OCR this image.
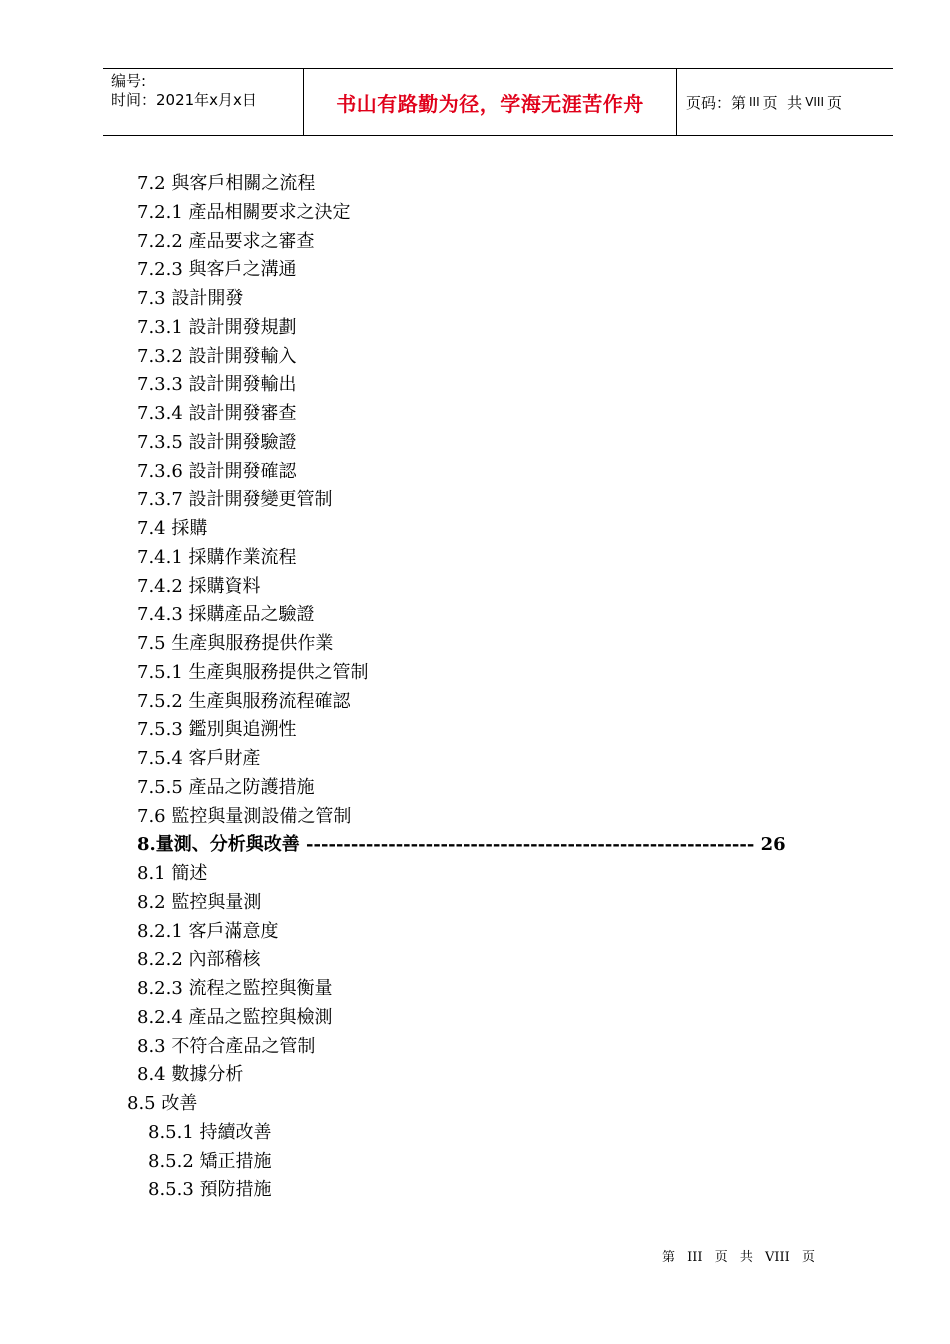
编号:
时间：2021年x月x日	书山有路勤为径，学海无涯苦作舟	页码：第 III 页  共 VIII 页
7.2 與客戶相關之流程
7.2.1 產品相關要求之決定
7.2.2 產品要求之審查
7.2.3 與客戶之溝通
7.3 設計開發
7.3.1 設計開發規劃
7.3.2 設計開發輸入
7.3.3 設計開發輸出
7.3.4 設計開發審查
7.3.5 設計開發驗證
7.3.6 設計開發確認
7.3.7 設計開發變更管制
7.4 採購
7.4.1 採購作業流程
7.4.2 採購資料
7.4.3 採購產品之驗證
7.5 生產與服務提供作業
7.5.1 生產與服務提供之管制
7.5.2 生產與服務流程確認
7.5.3 鑑別與追溯性
7.5.4 客戶財產
7.5.5 產品之防護措施
7.6 監控與量測設備之管制
8.量測、分析與改善 ------------------------------------------------------------ 26
8.1 簡述
8.2 監控與量測
8.2.1 客戶滿意度
8.2.2 內部稽核
8.2.3 流程之監控與衡量
8.2.4 產品之監控與檢測
8.3 不符合產品之管制
8.4 數據分析
8.5 改善
8.5.1 持續改善
8.5.2 矯正措施
8.5.3 預防措施
第 III 页 共 VIII 页
